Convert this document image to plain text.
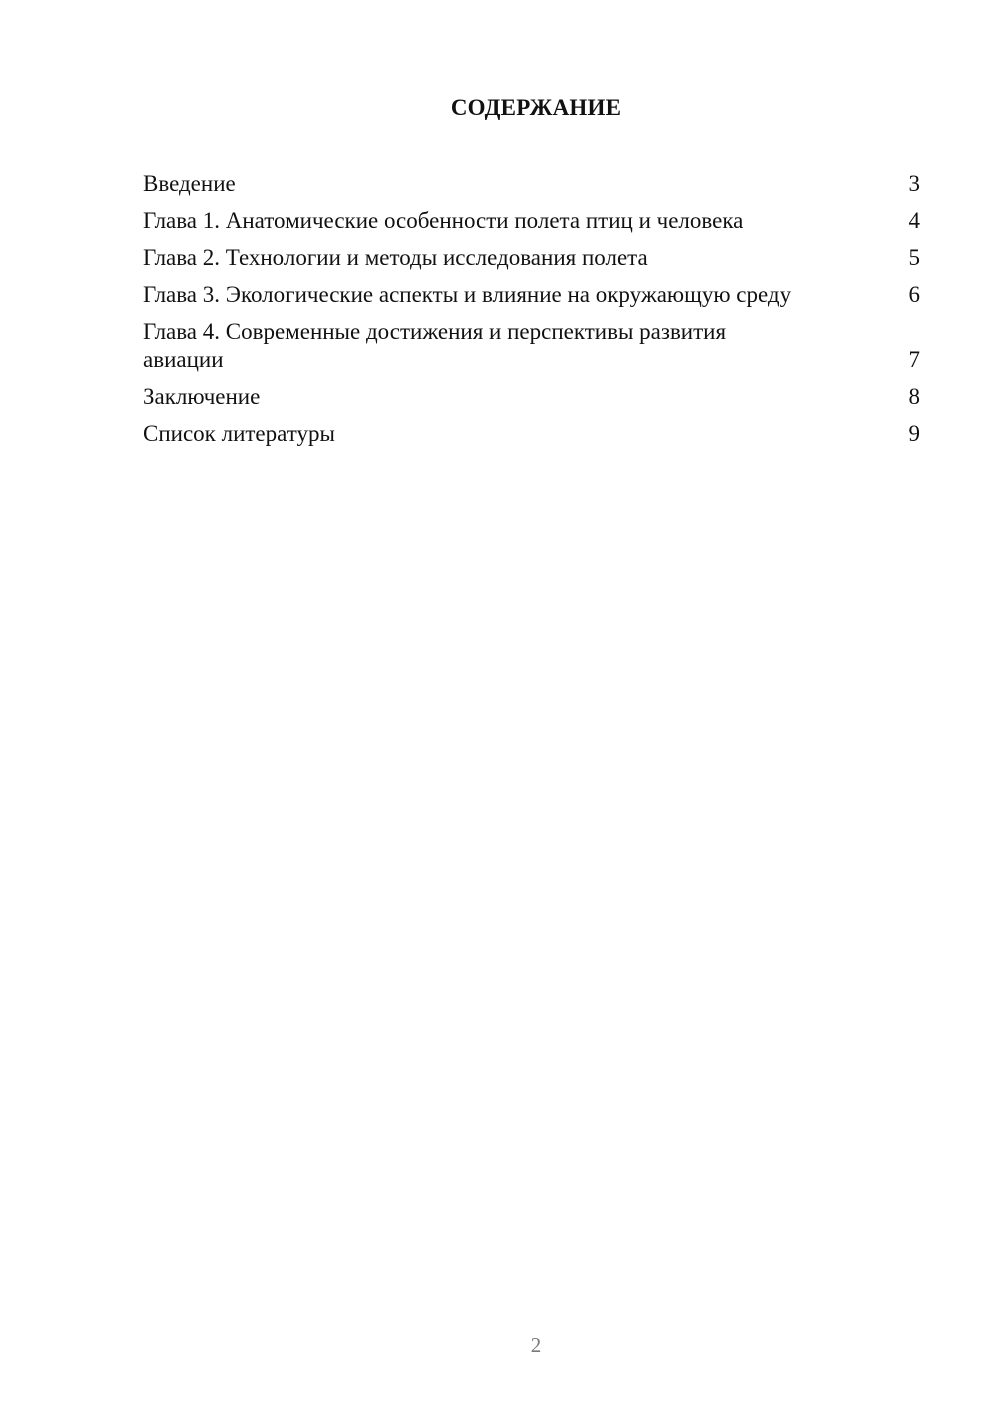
СОДЕРЖАНИЕ
Введение	3
Глава 1. Анатомические особенности полета птиц и человека	4
Глава 2. Технологии и методы исследования полета	5
Глава 3. Экологические аспекты и влияние на окружающую среду	6
Глава 4. Современные достижения и перспективы развития авиации	7
Заключение	8
Список литературы	9
2
